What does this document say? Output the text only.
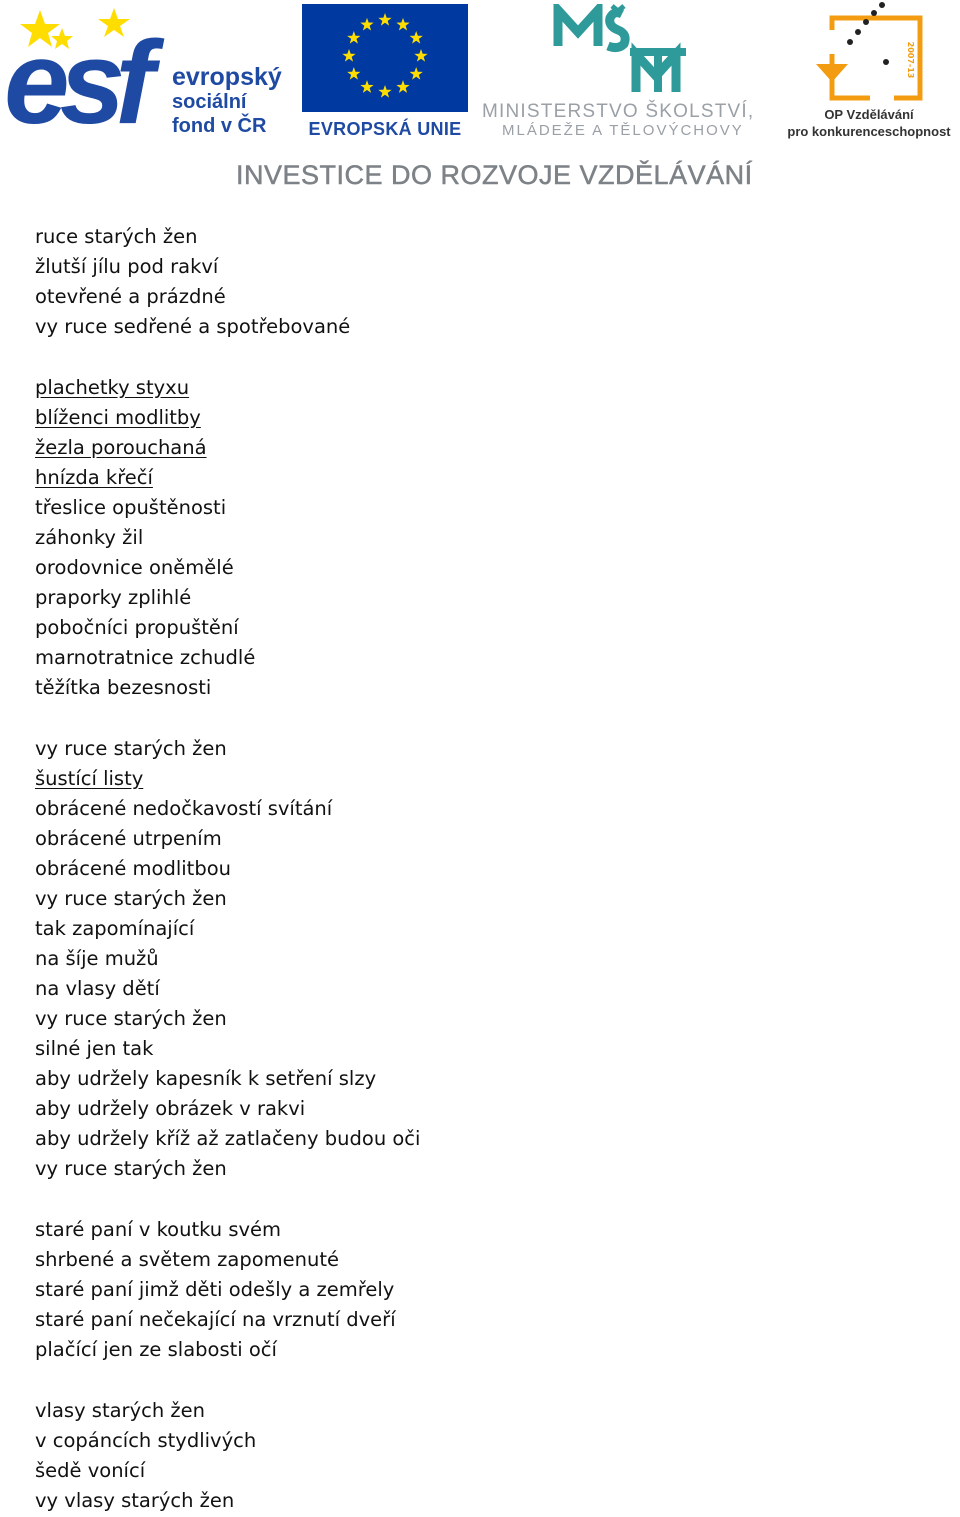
esf evropský
sociální
fond v ČR	EVROPSKÁ UNIE
MINISTERSTVO ŠKOLSTVÍ,
MLÁDEŽE A TĚLOVÝCHOVY
2007-13
OP Vzdělávání
pro konkurenceschopnost
INVESTICE DO ROZVOJE VZDĚLÁVÁNÍ
ruce starých žen
žlutší jílu pod rakví
otevřené a prázdné
vy ruce sedřené a spotřebované
plachetky styxu
blíženci modlitby
žezla porouchaná
hnízda křečí
třeslice opuštěnosti
záhonky žil
orodovnice oněmělé
praporky zplihlé
pobočníci propuštění
marnotratnice zchudlé
těžítka bezesnosti
vy ruce starých žen
šustící listy
obrácené nedočkavostí svítání
obrácené utrpením
obrácené modlitbou
vy ruce starých žen
tak zapomínající
na šíje mužů
na vlasy dětí
vy ruce starých žen
silné jen tak
aby udržely kapesník k setření slzy
aby udržely obrázek v rakvi
aby udržely kříž až zatlačeny budou oči
vy ruce starých žen
staré paní v koutku svém
shrbené a světem zapomenuté
staré paní jimž děti odešly a zemřely
staré paní nečekající na vrznutí dveří
plačící jen ze slabosti očí
vlasy starých žen
v copáncích stydlivých
šedě vonící
vy vlasy starých žen
